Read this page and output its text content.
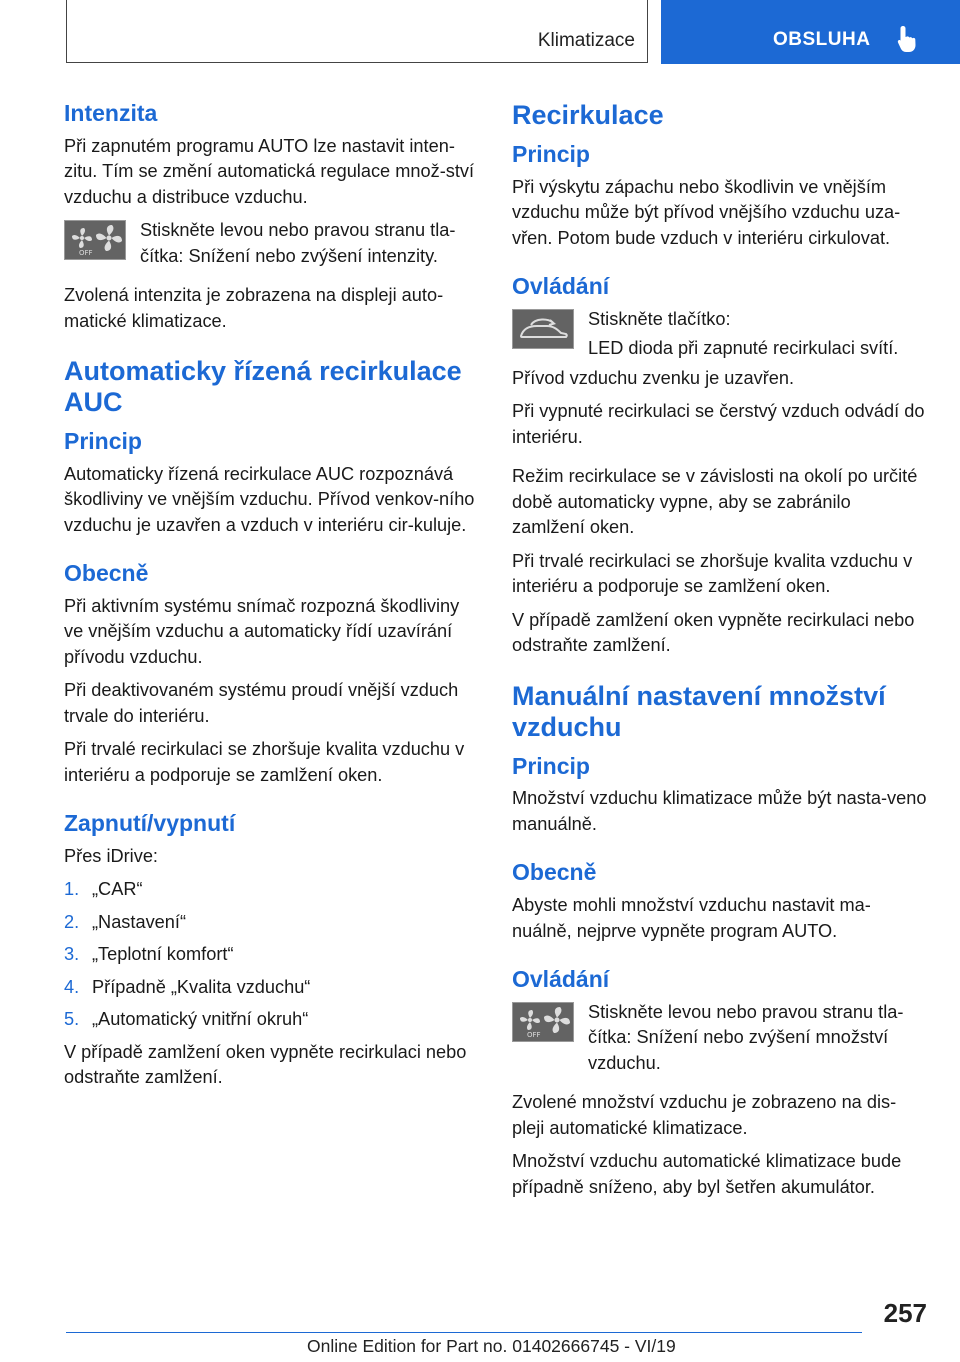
Klimatizace	OBSLUHA
Intenzita

Při zapnutém programu AUTO lze nastavit inten-zitu. Tím se změní automatická regulace množ-ství vzduchu a distribuce vzduchu.

OFF

Stiskněte levou nebo pravou stranu tla-čítka: Snížení nebo zvýšení intenzity.

Zvolená intenzita je zobrazena na displeji auto-matické klimatizace.

Automaticky řízená recirkulace AUC
Princip

Automaticky řízená recirkulace AUC rozpoznává škodliviny ve vnějším vzduchu. Přívod venkov-ního vzduchu je uzavřen a vzduch v interiéru cir-kuluje.

Obecně

Při aktivním systému snímač rozpozná škodliviny ve vnějším vzduchu a automaticky řídí uzavírání přívodu vzduchu.

Při deaktivovaném systému proudí vnější vzduch trvale do interiéru.

Při trvalé recirkulaci se zhoršuje kvalita vzduchu v interiéru a podporuje se zamlžení oken.

Zapnutí/vypnutí

Přes iDrive:

1. „CAR“
2. „Nastavení“
3. „Teplotní komfort“
4. Případně „Kvalita vzduchu“
5. „Automatický vnitřní okruh“

V případě zamlžení oken vypněte recirkulaci nebo odstraňte zamlžení.

Recirkulace
Princip

Při výskytu zápachu nebo škodlivin ve vnějším vzduchu může být přívod vnějšího vzduchu uza-vřen. Potom bude vzduch v interiéru cirkulovat.

Ovládání

Stiskněte tlačítko:

LED dioda při zapnuté recirkulaci svítí.

Přívod vzduchu zvenku je uzavřen.

Při vypnuté recirkulaci se čerstvý vzduch odvádí do interiéru.

Režim recirkulace se v závislosti na okolí po určité době automaticky vypne, aby se zabránilo zamlžení oken.

Při trvalé recirkulaci se zhoršuje kvalita vzduchu v interiéru a podporuje se zamlžení oken.

V případě zamlžení oken vypněte recirkulaci nebo odstraňte zamlžení.

Manuální nastavení množství vzduchu
Princip

Množství vzduchu klimatizace může být nasta-veno manuálně.

Obecně

Abyste mohli množství vzduchu nastavit ma-nuálně, nejprve vypněte program AUTO.

Ovládání
OFF

Stiskněte levou nebo pravou stranu tla-čítka: Snížení nebo zvýšení množství vzduchu.

Zvolené množství vzduchu je zobrazeno na dis-pleji automatické klimatizace.

Množství vzduchu automatické klimatizace bude případně sníženo, aby byl šetřen akumulátor.

257
Online Edition for Part no. 01402666745 - VI/19
